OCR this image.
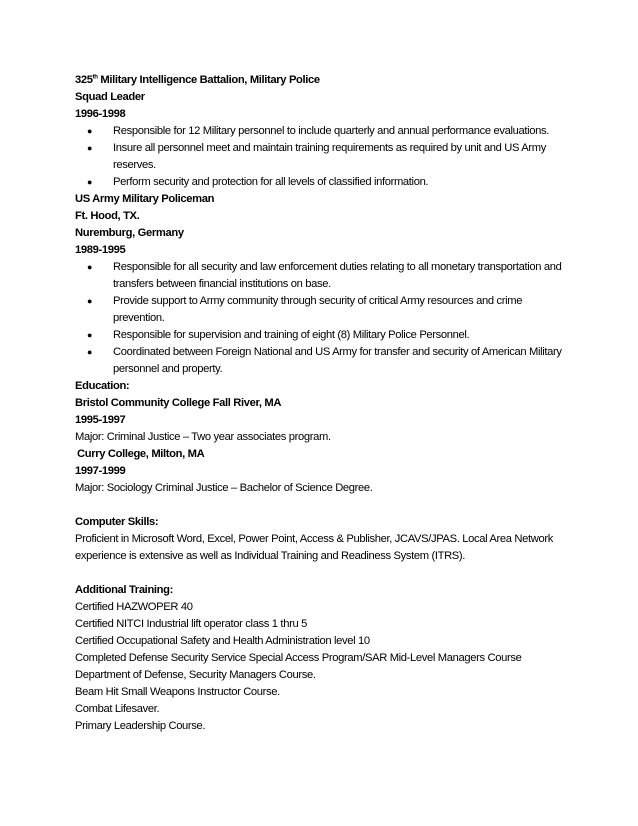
325th Military Intelligence Battalion, Military Police
Squad Leader
1996-1998
● Responsible for 12 Military personnel to include quarterly and annual performance evaluations.
● Insure all personnel meet and maintain training requirements as required by unit and US Army reserves.
● Perform security and protection for all levels of classified information.
US Army Military Policeman
Ft. Hood, TX.
Nuremburg, Germany
1989-1995
● Responsible for all security and law enforcement duties relating to all monetary transportation and transfers between financial institutions on base.
● Provide support to Army community through security of critical Army resources and crime prevention.
● Responsible for supervision and training of eight (8) Military Police Personnel.
● Coordinated between Foreign National and US Army for transfer and security of American Military personnel and property.
Education:
Bristol Community College Fall River, MA
1995-1997
Major: Criminal Justice – Two year associates program.
Curry College, Milton, MA
1997-1999
Major: Sociology Criminal Justice – Bachelor of Science Degree.
Computer Skills:
Proficient in Microsoft Word, Excel, Power Point, Access & Publisher, JCAVS/JPAS. Local Area Network experience is extensive as well as Individual Training and Readiness System (ITRS).
Additional Training:
Certified HAZWOPER 40
Certified NITCI Industrial lift operator class 1 thru 5
Certified Occupational Safety and Health Administration level 10
Completed Defense Security Service Special Access Program/SAR Mid-Level Managers Course
Department of Defense, Security Managers Course.
Beam Hit Small Weapons Instructor Course.
Combat Lifesaver.
Primary Leadership Course.
